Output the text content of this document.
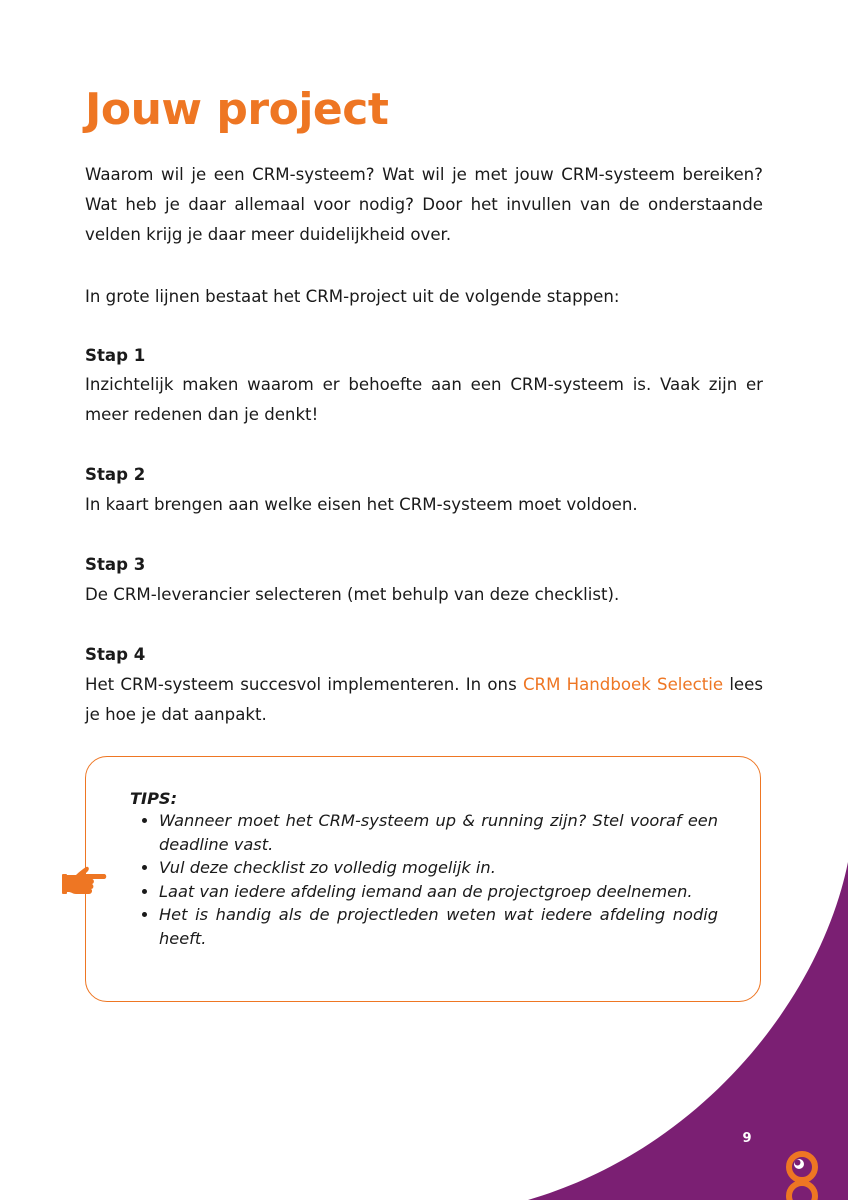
Jouw project

Waarom wil je een CRM-systeem? Wat wil je met jouw CRM-systeem bereiken? Wat heb je daar allemaal voor nodig? Door het invullen van de onderstaande velden krijg je daar meer duidelijkheid over.

In grote lijnen bestaat het CRM-project uit de volgende stappen:

Stap 1

Inzichtelijk maken waarom er behoefte aan een CRM-systeem is. Vaak zijn er meer redenen dan je denkt!

Stap 2

In kaart brengen aan welke eisen het CRM-systeem moet voldoen.

Stap 3

De CRM-leverancier selecteren (met behulp van deze checklist).

Stap 4

Het CRM-systeem succesvol implementeren. In ons CRM Handboek Selectie lees je hoe je dat aanpakt.

TIPS:

• Wanneer moet het CRM-systeem up & running zijn? Stel vooraf een deadline vast.
• Vul deze checklist zo volledig mogelijk in.
• Laat van iedere afdeling iemand aan de projectgroep deelnemen.
• Het is handig als de projectleden weten wat iedere afdeling nodig heeft.
9
